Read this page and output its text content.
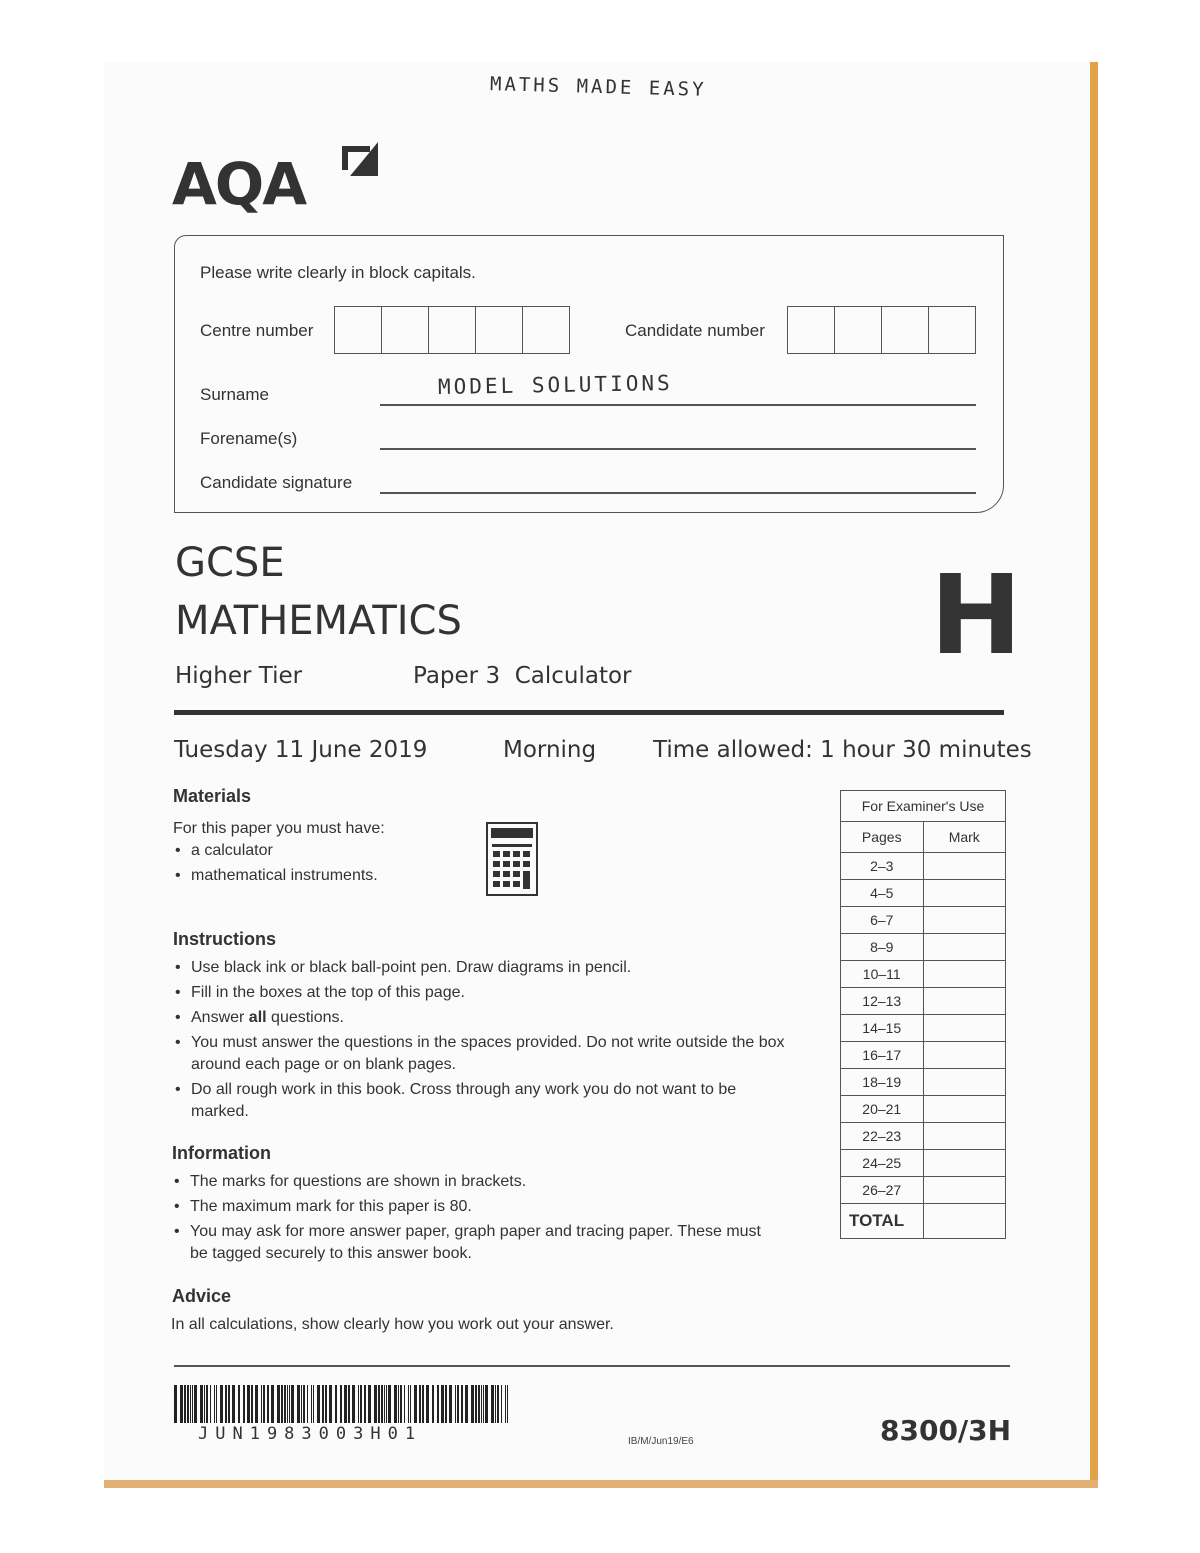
MATHS MADE EASY
AQA
Please write clearly in block capitals.
Centre number	Candidate number
Surname	MODEL SOLUTIONS
Forename(s)
Candidate signature
GCSE
MATHEMATICS	H
Higher Tier	Paper 3  Calculator
Tuesday 11 June 2019	Morning Time allowed: 1 hour 30 minutes
Materials
For this paper you must have:
• a calculator
• mathematical instruments.
Instructions
• Use black ink or black ball-point pen. Draw diagrams in pencil.
• Fill in the boxes at the top of this page.
• Answer all questions.
• You must answer the questions in the spaces provided. Do not write outside the box around each page or on blank pages.
• Do all rough work in this book. Cross through any work you do not want to be marked.
Information
• The marks for questions are shown in brackets.
• The maximum mark for this paper is 80.
• You may ask for more answer paper, graph paper and tracing paper. These must be tagged securely to this answer book.
Advice
In all calculations, show clearly how you work out your answer.
For Examiner's Use	
Pages	Mark
2–3	
4–5	
6–7	
8–9	
10–11	
12–13	
14–15	
16–17	
18–19	
20–21	
22–23	
24–25	
26–27	
TOTAL	
JUN1983003H01	IB/M/Jun19/E6	8300/3H
